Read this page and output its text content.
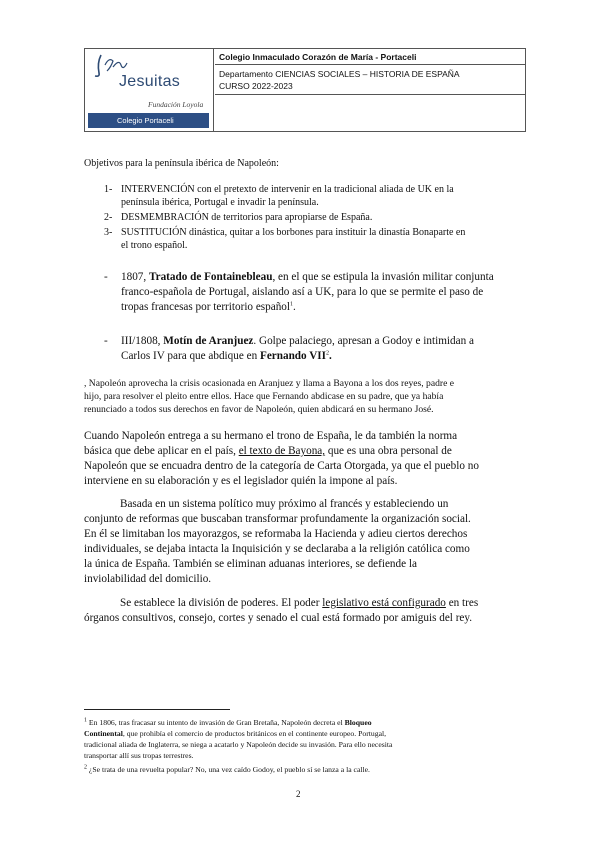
Jesuitas
Fundación Loyola
Colegio Portaceli
Colegio Inmaculado Corazón de María - Portaceli
Departamento CIENCIAS SOCIALES – HISTORIA DE ESPAÑA
CURSO 2022-2023
Objetivos para la península ibérica de Napoleón:
1- INTERVENCIÓN con el pretexto de intervenir en la tradicional aliada de UK en la
península ibérica, Portugal e invadir la península.
2- DESMEMBRACIÓN de territorios para apropiarse de España.
3- SUSTITUCIÓN dinástica, quitar a los borbones para instituir la dinastía Bonaparte en
el trono español.
- 1807, Tratado de Fontainebleau, en el que se estipula la invasión militar conjunta
franco-española de Portugal, aislando así a UK, para lo que se permite el paso de
tropas francesas por territorio español$^1$.
- III/1808, Motín de Aranjuez. Golpe palaciego, apresan a Godoy e intimidan a
Carlos IV para que abdique en Fernando VII$^2$.
, Napoleón aprovecha la crisis ocasionada en Aranjuez y llama a Bayona a los dos reyes, padre e
hijo, para resolver el pleito entre ellos. Hace que Fernando abdicase en su padre, que ya había
renunciado a todos sus derechos en favor de Napoleón, quien abdicará en su hermano José.
Cuando Napoleón entrega a su hermano el trono de España, le da también la norma
básica que debe aplicar en el país, el texto de Bayona, que es una obra personal de
Napoleón que se encuadra dentro de la categoría de Carta Otorgada, ya que el pueblo no
interviene en su elaboración y es el legislador quién la impone al país.
Basada en un sistema político muy próximo al francés y estableciendo un
conjunto de reformas que buscaban transformar profundamente la organización social.
En él se limitaban los mayorazgos, se reformaba la Hacienda y adieu ciertos derechos
individuales, se dejaba intacta la Inquisición y se declaraba a la religión católica como
la única de España. También se eliminan aduanas interiores, se defiende la
inviolabilidad del domicilio.
Se establece la división de poderes. El poder legislativo está configurado en tres
órganos consultivos, consejo, cortes y senado el cual está formado por amiguis del rey.
$^1$ En 1806, tras fracasar su intento de invasión de Gran Bretaña, Napoleón decreta el Bloqueo
Continental, que prohibía el comercio de productos británicos en el continente europeo. Portugal,
tradicional aliada de Inglaterra, se niega a acatarlo y Napoleón decide su invasión. Para ello necesita
transportar allí sus tropas terrestres.
$^2$ ¿Se trata de una revuelta popular? No, una vez caído Godoy, el pueblo sí se lanza a la calle.
2
